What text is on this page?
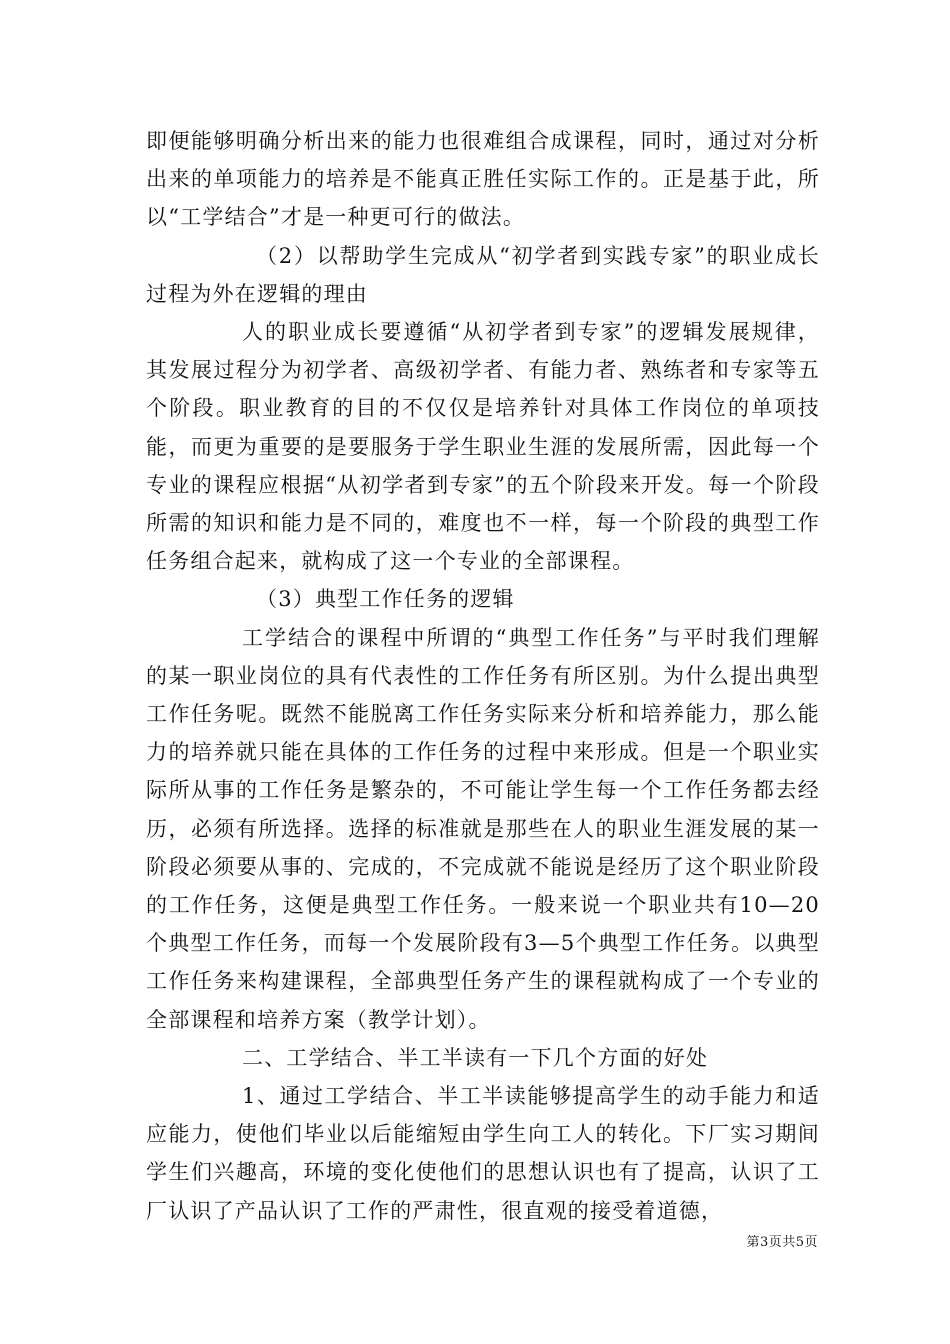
即便能够明确分析出来的能力也很难组合成课程，同时，通过对分析出来的单项能力的培养是不能真正胜任实际工作的。正是基于此，所以“工学结合”才是一种更可行的做法。

（2）以帮助学生完成从“初学者到实践专家”的职业成长过程为外在逻辑的理由

人的职业成长要遵循“从初学者到专家”的逻辑发展规律，其发展过程分为初学者、高级初学者、有能力者、熟练者和专家等五个阶段。职业教育的目的不仅仅是培养针对具体工作岗位的单项技能，而更为重要的是要服务于学生职业生涯的发展所需，因此每一个专业的课程应根据“从初学者到专家”的五个阶段来开发。每一个阶段所需的知识和能力是不同的，难度也不一样，每一个阶段的典型工作任务组合起来，就构成了这一个专业的全部课程。

（3）典型工作任务的逻辑

工学结合的课程中所谓的“典型工作任务”与平时我们理解的某一职业岗位的具有代表性的工作任务有所区别。为什么提出典型工作任务呢。既然不能脱离工作任务实际来分析和培养能力，那么能力的培养就只能在具体的工作任务的过程中来形成。但是一个职业实际所从事的工作任务是繁杂的，不可能让学生每一个工作任务都去经历，必须有所选择。选择的标准就是那些在人的职业生涯发展的某一阶段必须要从事的、完成的，不完成就不能说是经历了这个职业阶段的工作任务，这便是典型工作任务。一般来说一个职业共有10—20个典型工作任务，而每一个发展阶段有3—5个典型工作任务。以典型工作任务来构建课程，全部典型任务产生的课程就构成了一个专业的全部课程和培养方案（教学计划）。

二、工学结合、半工半读有一下几个方面的好处

1、通过工学结合、半工半读能够提高学生的动手能力和适应能力，使他们毕业以后能缩短由学生向工人的转化。下厂实习期间学生们兴趣高，环境的变化使他们的思想认识也有了提高，认识了工厂认识了产品认识了工作的严肃性，很直观的接受着道德，

第3页共5页
